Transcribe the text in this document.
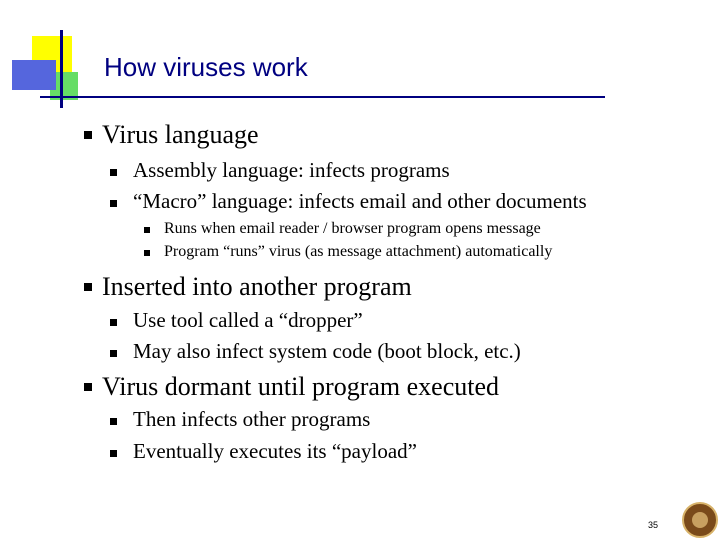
How viruses work
Virus language
Assembly language: infects programs
“Macro” language: infects email and other documents
Runs when email reader / browser program opens message
Program “runs” virus (as message attachment) automatically
Inserted into another program
Use tool called a “dropper”
May also infect system code (boot block, etc.)
Virus dormant until program executed
Then infects other programs
Eventually executes its “payload”
35
